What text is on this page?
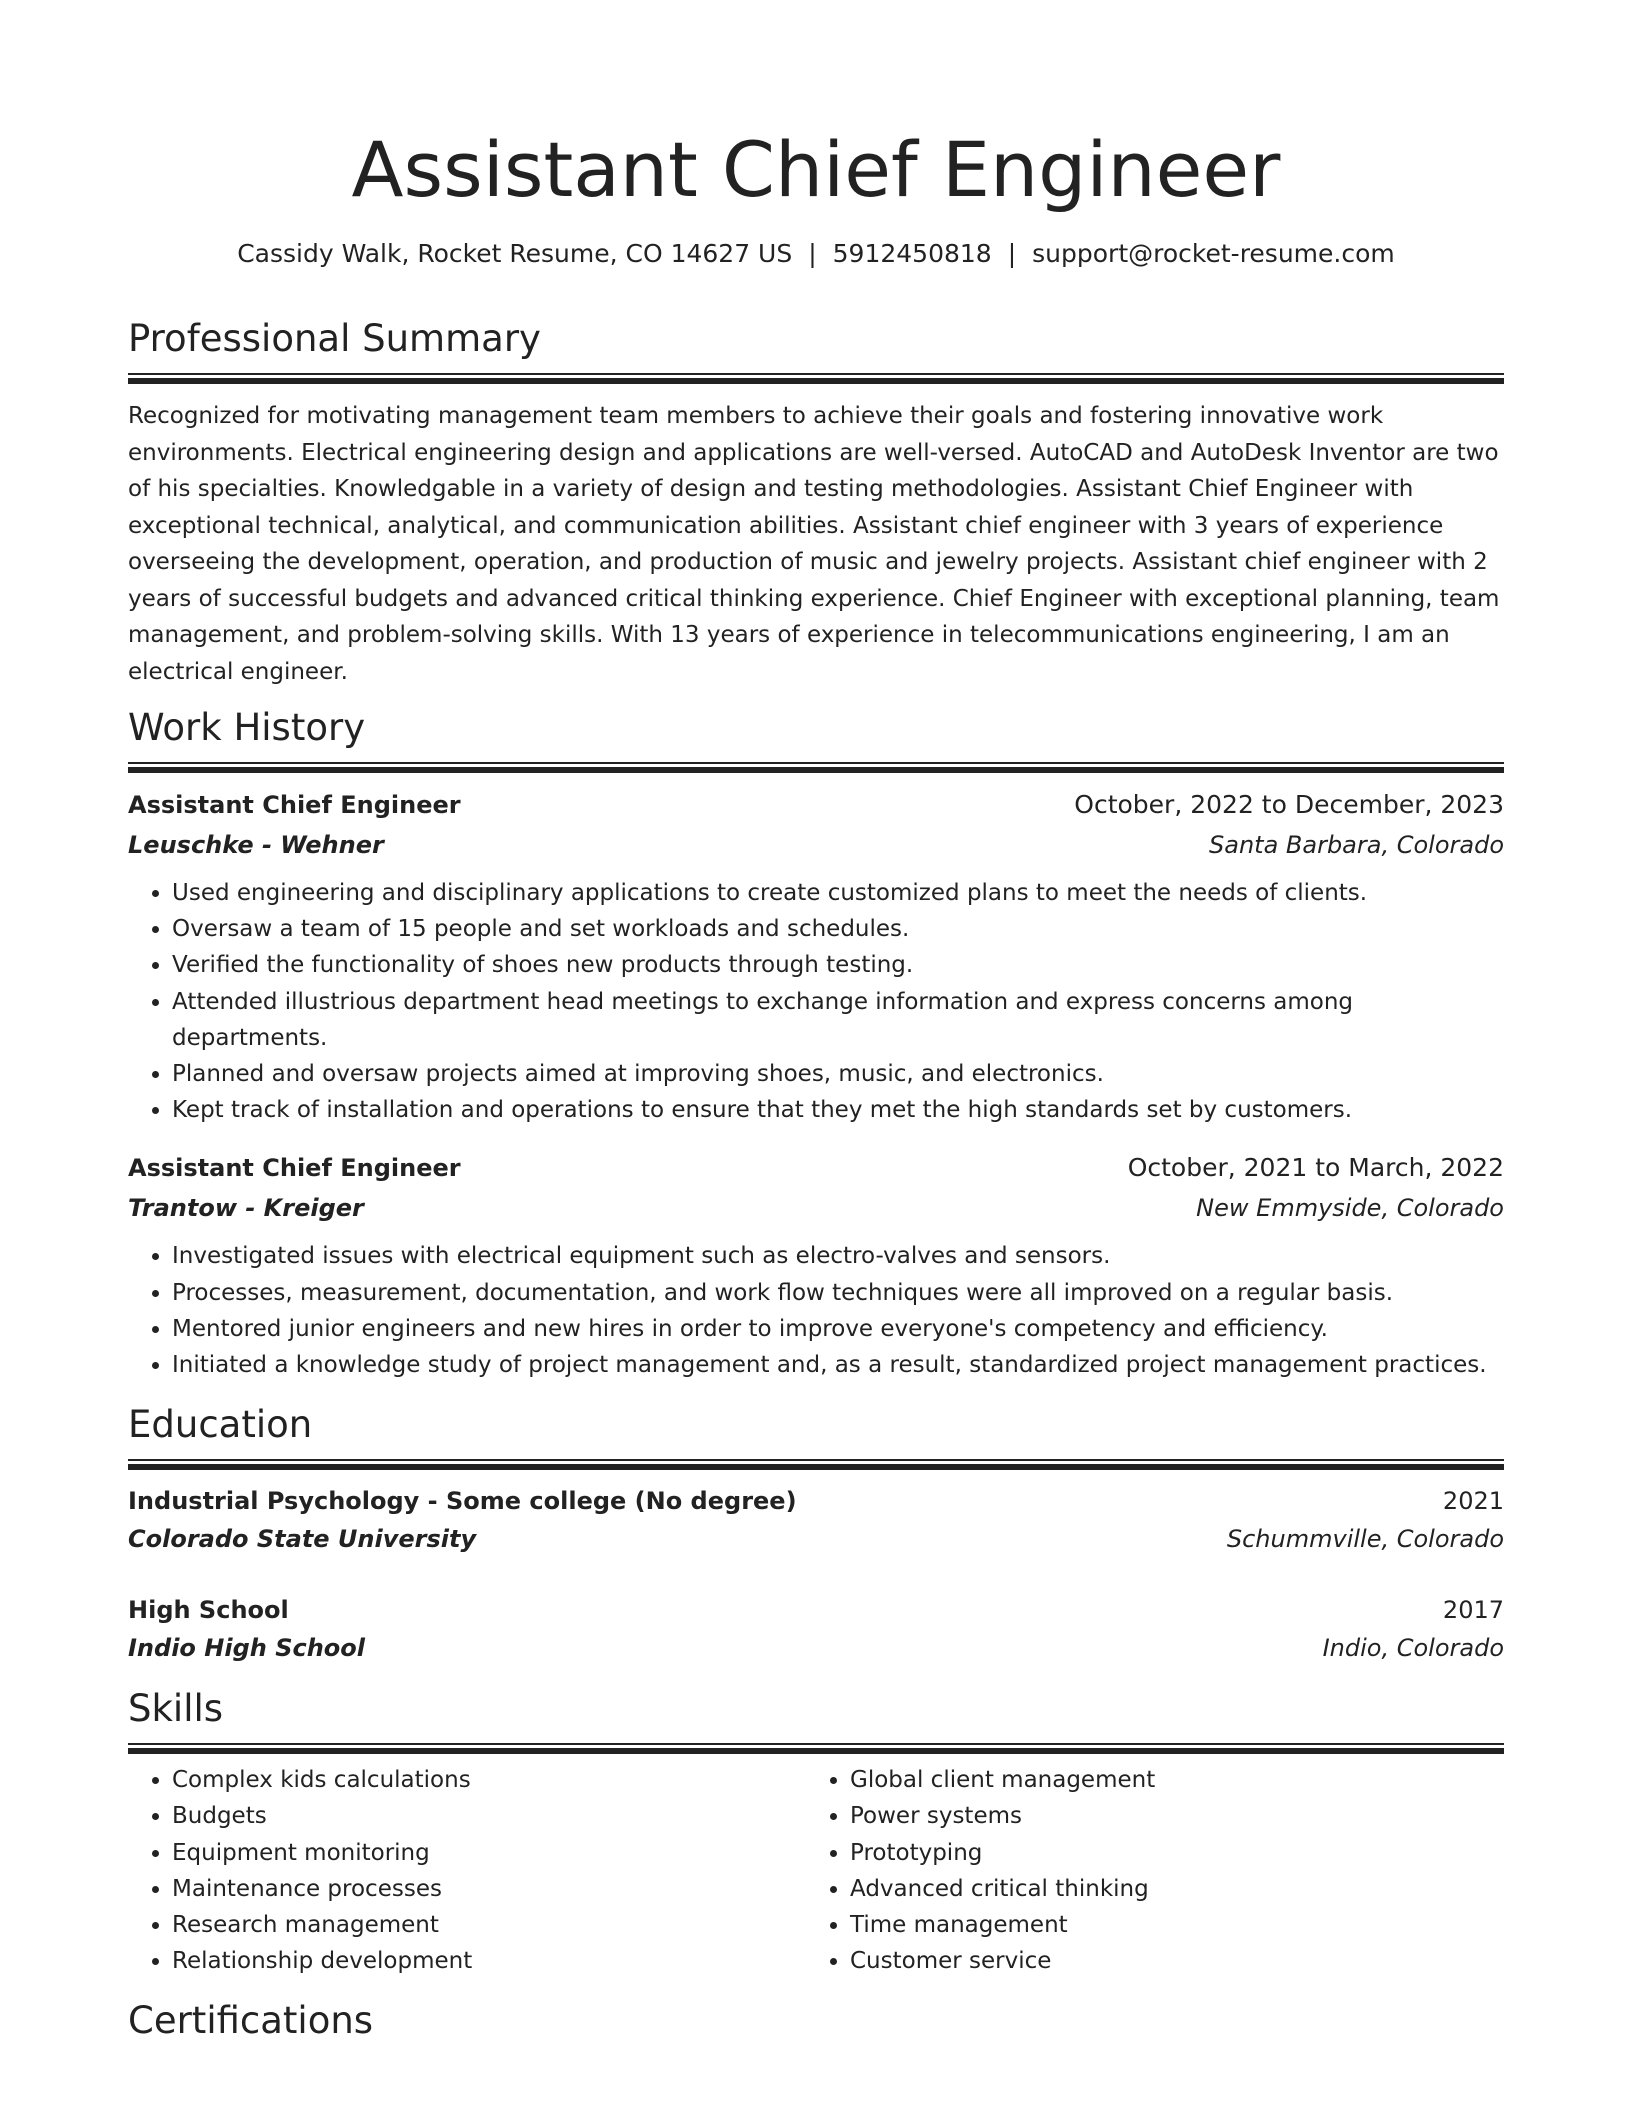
Assistant Chief Engineer
Cassidy Walk, Rocket Resume, CO 14627 US | 5912450818 | support@rocket-resume.com
Professional Summary
Recognized for motivating management team members to achieve their goals and fostering innovative work environments. Electrical engineering design and applications are well-versed. AutoCAD and AutoDesk Inventor are two of his specialties. Knowledgable in a variety of design and testing methodologies. Assistant Chief Engineer with exceptional technical, analytical, and communication abilities. Assistant chief engineer with 3 years of experience overseeing the development, operation, and production of music and jewelry projects. Assistant chief engineer with 2 years of successful budgets and advanced critical thinking experience. Chief Engineer with exceptional planning, team management, and problem-solving skills. With 13 years of experience in telecommunications engineering, I am an electrical engineer.
Work History
Assistant Chief Engineer	October, 2022 to December, 2023
Leuschke - Wehner	Santa Barbara, Colorado
• Used engineering and disciplinary applications to create customized plans to meet the needs of clients.
• Oversaw a team of 15 people and set workloads and schedules.
• Verified the functionality of shoes new products through testing.
• Attended illustrious department head meetings to exchange information and express concerns among departments.
• Planned and oversaw projects aimed at improving shoes, music, and electronics.
• Kept track of installation and operations to ensure that they met the high standards set by customers.
Assistant Chief Engineer	October, 2021 to March, 2022
Trantow - Kreiger	New Emmyside, Colorado
• Investigated issues with electrical equipment such as electro-valves and sensors.
• Processes, measurement, documentation, and work flow techniques were all improved on a regular basis.
• Mentored junior engineers and new hires in order to improve everyone's competency and efficiency.
• Initiated a knowledge study of project management and, as a result, standardized project management practices.
Education
Industrial Psychology - Some college (No degree)	2021
Colorado State University	Schummville, Colorado
High School	2017
Indio High School	Indio, Colorado
Skills
• Complex kids calculations
• Budgets
• Equipment monitoring
• Maintenance processes
• Research management
• Relationship development
• Global client management
• Power systems
• Prototyping
• Advanced critical thinking
• Time management
• Customer service
Certifications
